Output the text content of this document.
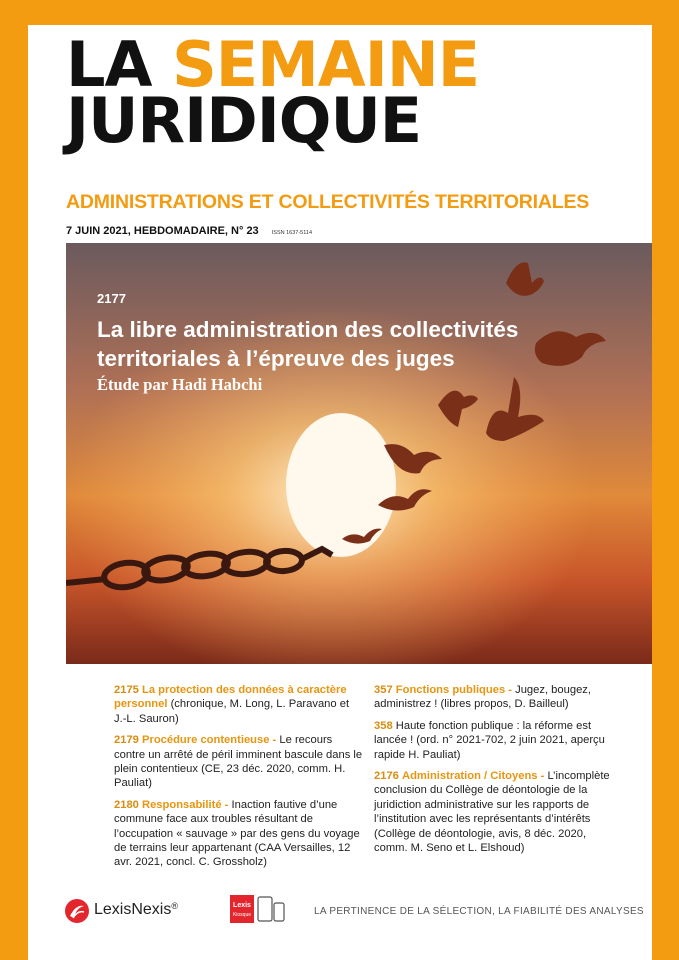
LA SEMAINE
JURIDIQUE
ADMINISTRATIONS ET COLLECTIVITÉS TERRITORIALES
7 JUIN 2021, HEBDOMADAIRE, N° 23 ISSN 1637-5114
2177
La libre administration des collectivités territoriales à l’épreuve des juges
Étude par Hadi Habchi
2175 La protection des données à caractère personnel (chronique, M. Long, L. Paravano et J.-L. Sauron)
2179 Procédure contentieuse - Le recours contre un arrêté de péril imminent bascule dans le plein contentieux (CE, 23 déc. 2020, comm. H. Pauliat)
2180 Responsabilité - Inaction fautive d’une commune face aux troubles résultant de l’occupation « sauvage » par des gens du voyage de terrains leur appartenant (CAA Versailles, 12 avr. 2021, concl. C. Grossholz)
357 Fonctions publiques - Jugez, bougez, administrez ! (libres propos, D. Bailleul)
358 Haute fonction publique : la réforme est lancée ! (ord. n° 2021-702, 2 juin 2021, aperçu rapide H. Pauliat)
2176 Administration / Citoyens - L’incomplète conclusion du Collège de déontologie de la juridiction administrative sur les rapports de l’institution avec les représentants d’intérêts (Collège de déontologie, avis, 8 déc. 2020, comm. M. Seno et L. Elshoud)
LexisNexis®	Lexis
Kiosque	LA PERTINENCE DE LA SÉLECTION, LA FIABILITÉ DES ANALYSES
